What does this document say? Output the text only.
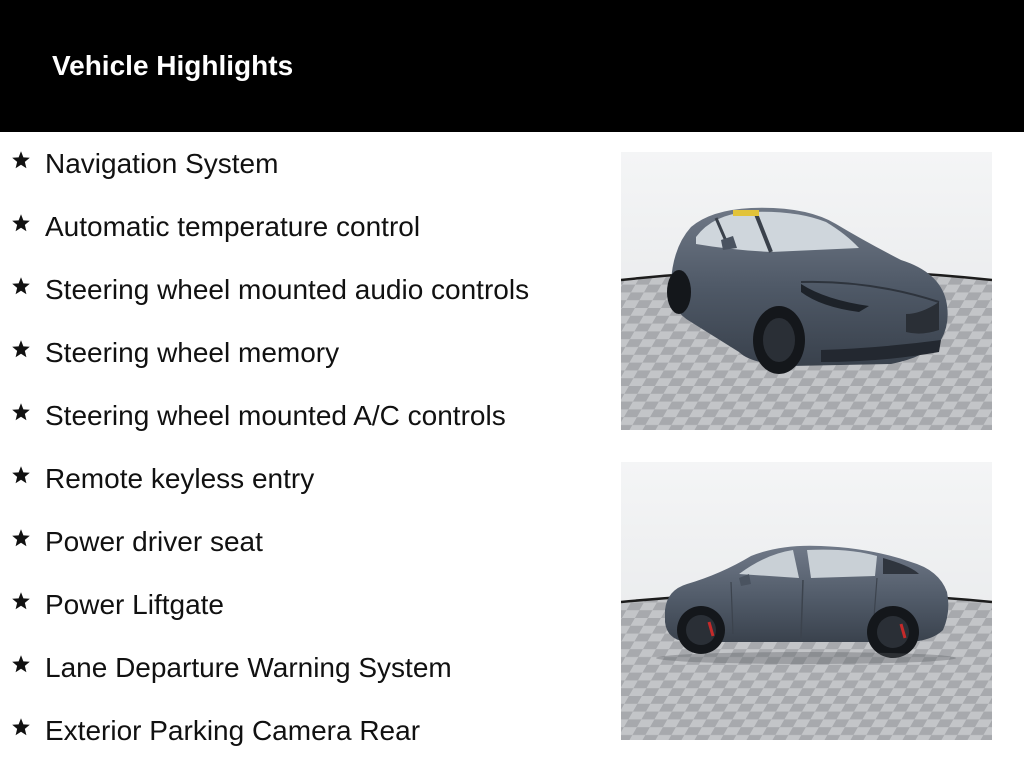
Vehicle Highlights
Navigation System
Automatic temperature control
Steering wheel mounted audio controls
Steering wheel memory
Steering wheel mounted A/C controls
Remote keyless entry
Power driver seat
Power Liftgate
Lane Departure Warning System
Exterior Parking Camera Rear
